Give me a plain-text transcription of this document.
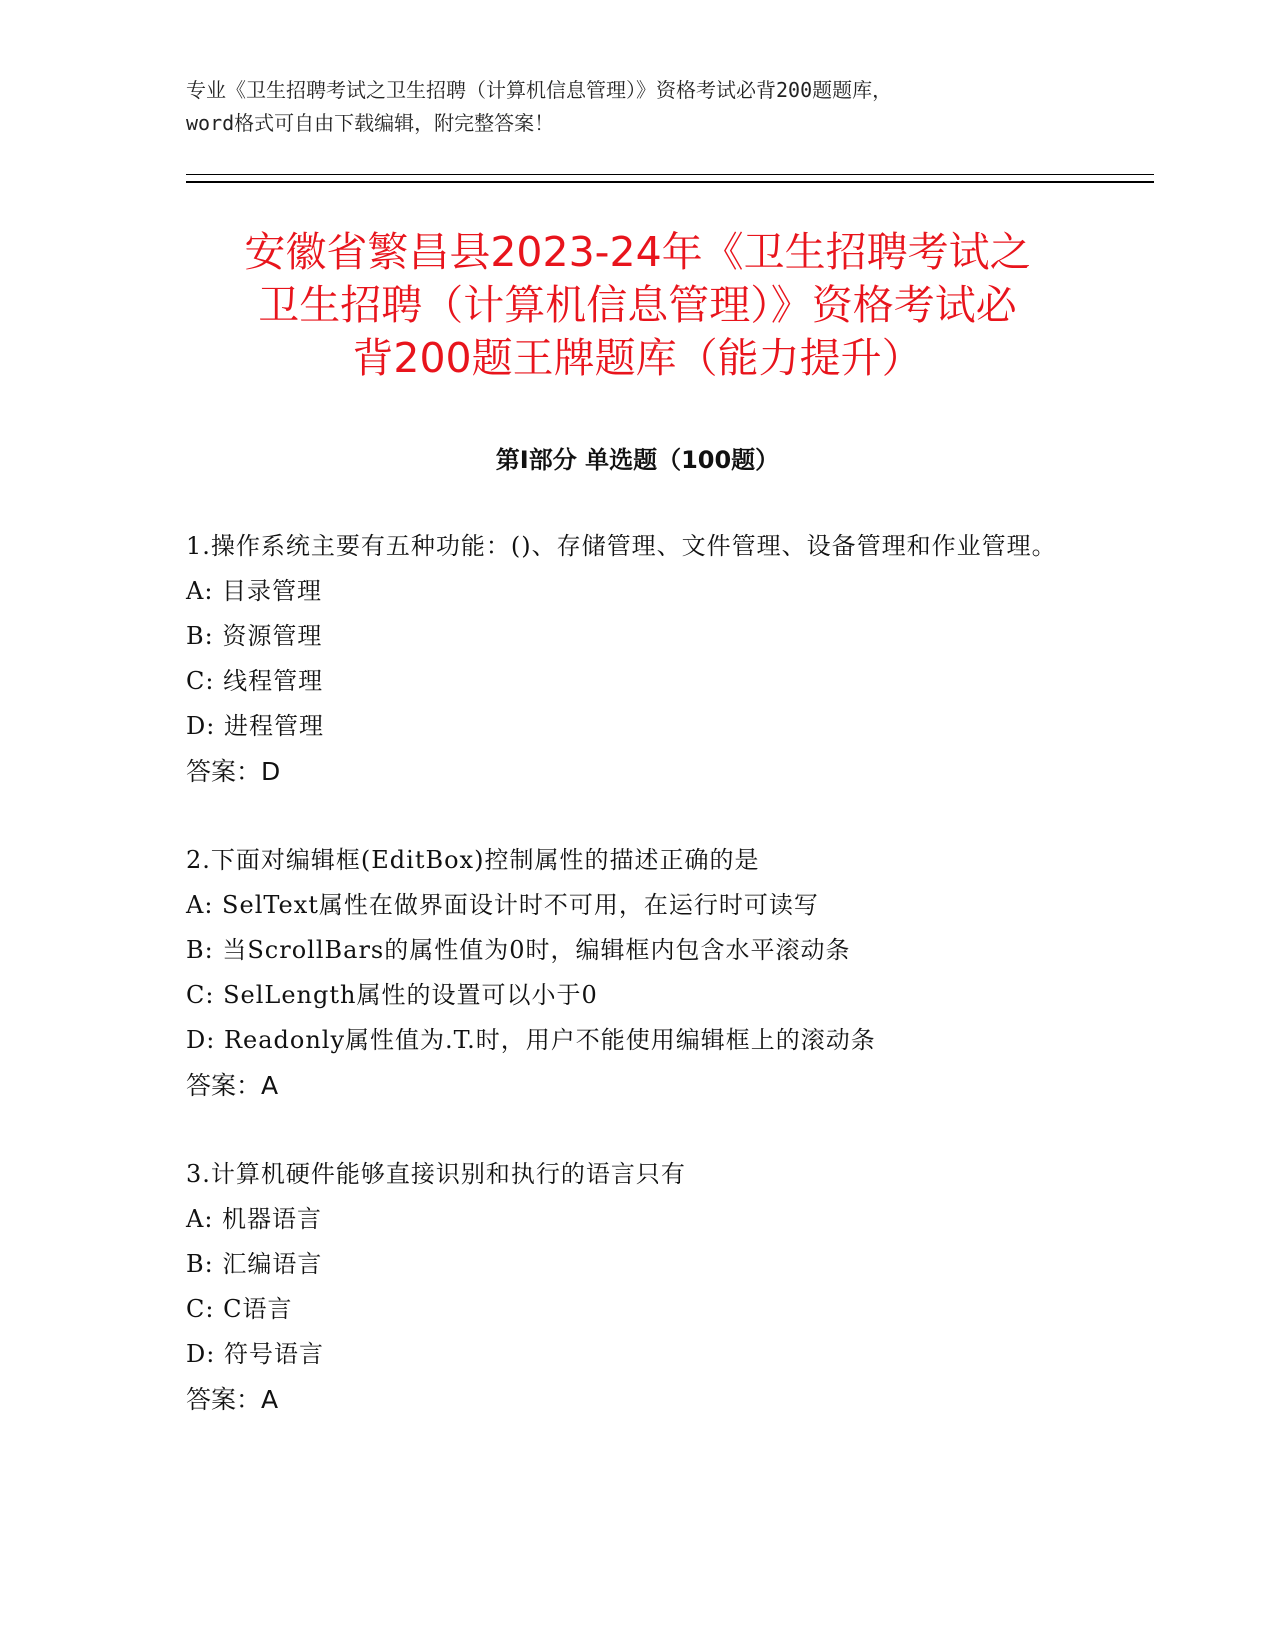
专业《卫生招聘考试之卫生招聘（计算机信息管理）》资格考试必背200题题库，
word格式可自由下载编辑，附完整答案！
安徽省繁昌县2023-24年《卫生招聘考试之
卫生招聘（计算机信息管理）》资格考试必
背200题王牌题库（能力提升）
第I部分 单选题（100题）
1.操作系统主要有五种功能：()、存储管理、文件管理、设备管理和作业管理。
A: 目录管理
B: 资源管理
C: 线程管理
D: 进程管理
答案：D
2.下面对编辑框(EditBox)控制属性的描述正确的是
A: SelText属性在做界面设计时不可用，在运行时可读写
B: 当ScrollBars的属性值为0时，编辑框内包含水平滚动条
C: SelLength属性的设置可以小于0
D: Readonly属性值为.T.时，用户不能使用编辑框上的滚动条
答案：A
3.计算机硬件能够直接识别和执行的语言只有
A: 机器语言
B: 汇编语言
C: C语言
D: 符号语言
答案：A
